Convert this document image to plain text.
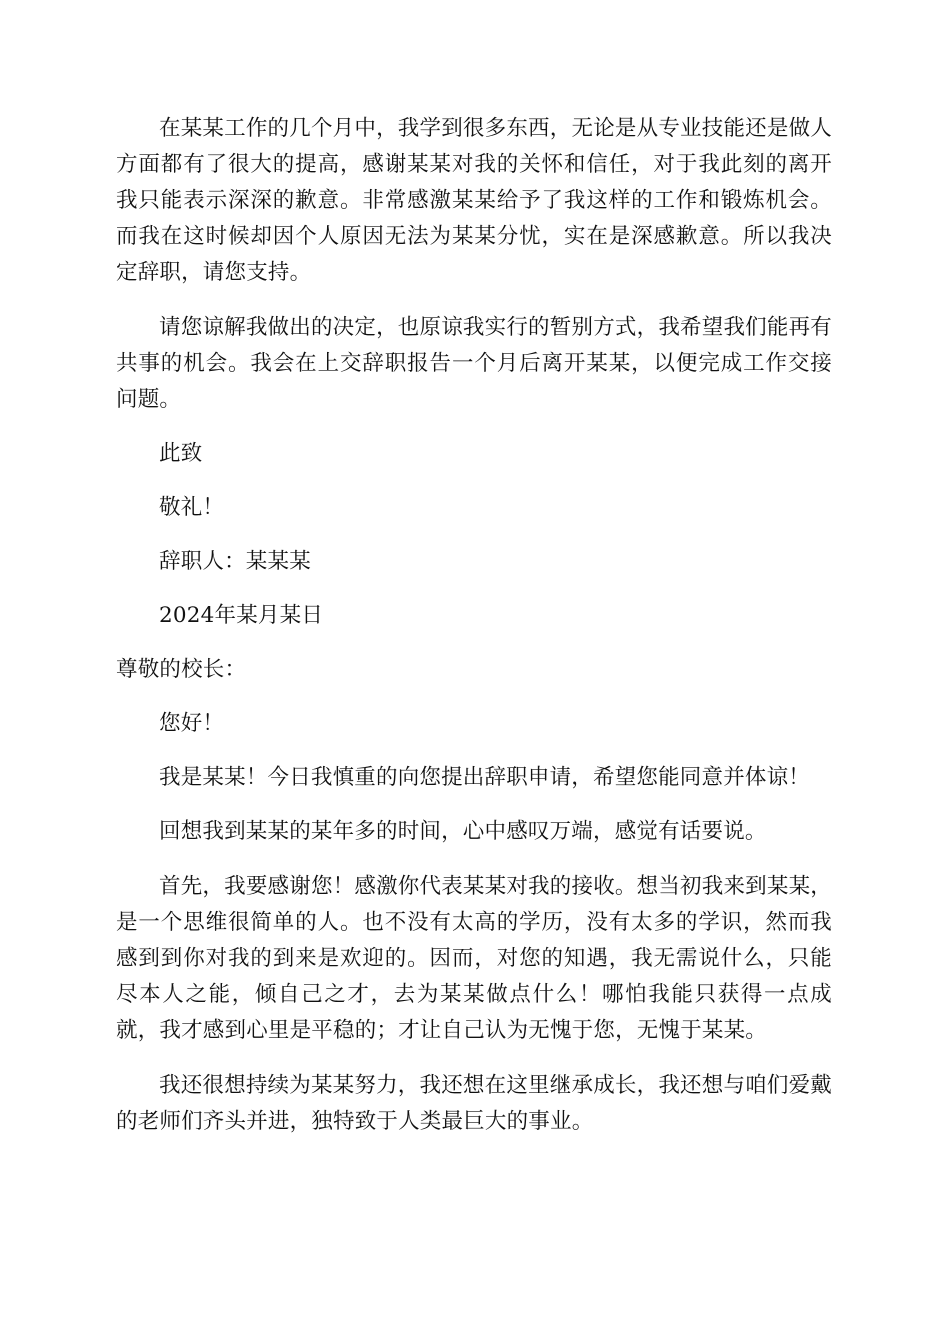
在某某工作的几个月中，我学到很多东西，无论是从专业技能还是做人方面都有了很大的提高，感谢某某对我的关怀和信任，对于我此刻的离开我只能表示深深的歉意。非常感激某某给予了我这样的工作和锻炼机会。而我在这时候却因个人原因无法为某某分忧，实在是深感歉意。所以我决定辞职，请您支持。

请您谅解我做出的决定，也原谅我实行的暂别方式，我希望我们能再有共事的机会。我会在上交辞职报告一个月后离开某某，以便完成工作交接问题。

此致

敬礼！

辞职人：某某某

2024年某月某日

尊敬的校长：

您好！

我是某某！今日我慎重的向您提出辞职申请，希望您能同意并体谅！

回想我到某某的某年多的时间，心中感叹万端，感觉有话要说。

首先，我要感谢您！感激你代表某某对我的接收。想当初我来到某某，是一个思维很简单的人。也不没有太高的学历，没有太多的学识，然而我感到到你对我的到来是欢迎的。因而，对您的知遇，我无需说什么，只能尽本人之能，倾自己之才，去为某某做点什么！哪怕我能只获得一点成就，我才感到心里是平稳的；才让自己认为无愧于您，无愧于某某。

我还很想持续为某某努力，我还想在这里继承成长，我还想与咱们爱戴的老师们齐头并进，独特致于人类最巨大的事业。
